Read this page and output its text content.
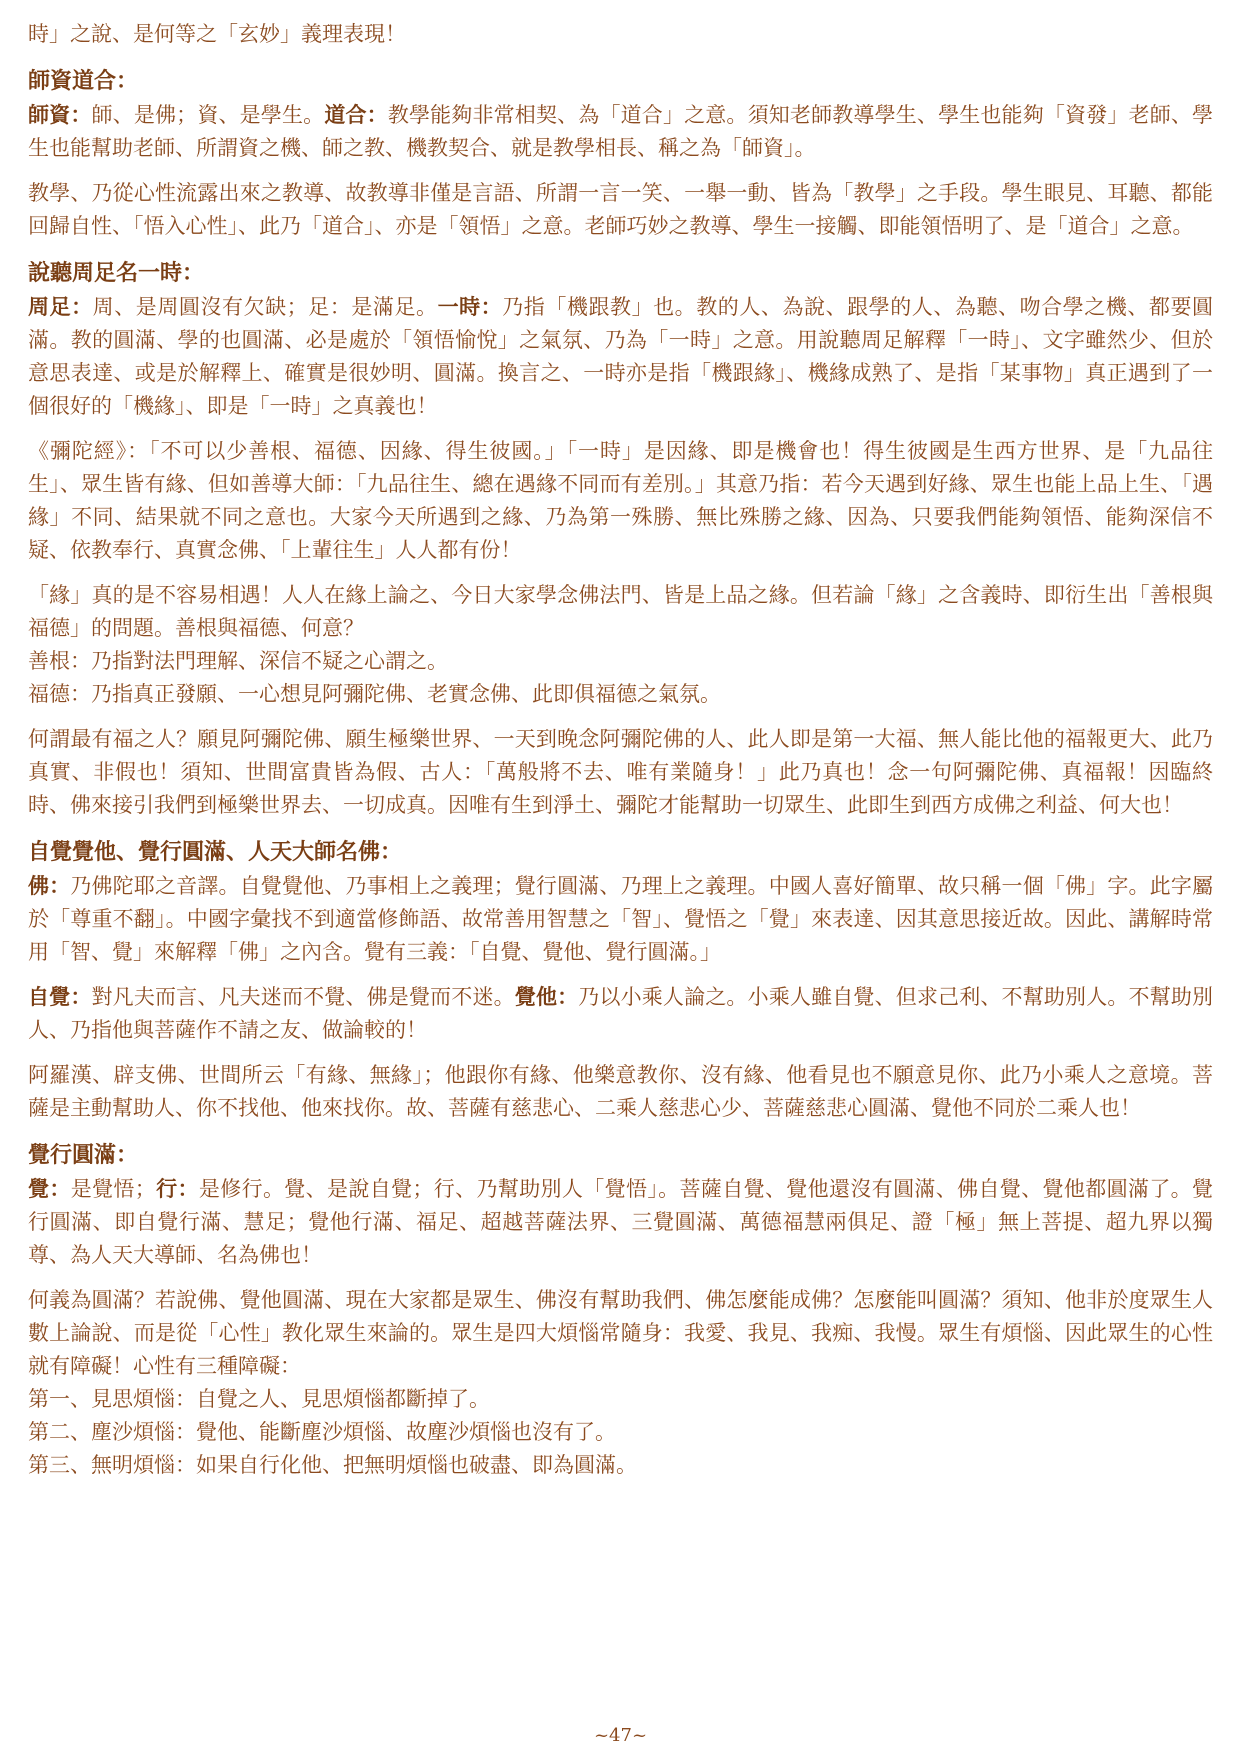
時」之說、是何等之「玄妙」義理表現！

師資道合：

師資：師、是佛；資、是學生。道合：教學能夠非常相契、為「道合」之意。須知老師教導學生、學生也能夠「資發」老師、學生也能幫助老師、所謂資之機、師之教、機教契合、就是教學相長、稱之為「師資」。

教學、乃從心性流露出來之教導、故教導非僅是言語、所謂一言一笑、一舉一動、皆為「教學」之手段。學生眼見、耳聽、都能回歸自性、「悟入心性」、此乃「道合」、亦是「領悟」之意。老師巧妙之教導、學生一接觸、即能領悟明了、是「道合」之意。

說聽周足名一時：

周足：周、是周圓沒有欠缺；足：是滿足。一時：乃指「機跟教」也。教的人、為說、跟學的人、為聽、吻合學之機、都要圓滿。教的圓滿、學的也圓滿、必是處於「領悟愉悅」之氣氛、乃為「一時」之意。用說聽周足解釋「一時」、文字雖然少、但於意思表達、或是於解釋上、確實是很妙明、圓滿。換言之、一時亦是指「機跟緣」、機緣成熟了、是指「某事物」真正遇到了一個很好的「機緣」、即是「一時」之真義也！

《彌陀經》：「不可以少善根、福德、因緣、得生彼國。」「一時」是因緣、即是機會也！得生彼國是生西方世界、是「九品往生」、眾生皆有緣、但如善導大師：「九品往生、總在遇緣不同而有差別。」其意乃指：若今天遇到好緣、眾生也能上品上生、「遇緣」不同、結果就不同之意也。大家今天所遇到之緣、乃為第一殊勝、無比殊勝之緣、因為、只要我們能夠領悟、能夠深信不疑、依教奉行、真實念佛、「上輩往生」人人都有份！

「緣」真的是不容易相遇！人人在緣上論之、今日大家學念佛法門、皆是上品之緣。但若論「緣」之含義時、即衍生出「善根與福德」的問題。善根與福德、何意？

善根：乃指對法門理解、深信不疑之心謂之。

福德：乃指真正發願、一心想見阿彌陀佛、老實念佛、此即俱福德之氣氛。

何謂最有福之人？願見阿彌陀佛、願生極樂世界、一天到晚念阿彌陀佛的人、此人即是第一大福、無人能比他的福報更大、此乃真實、非假也！須知、世間富貴皆為假、古人：「萬般將不去、唯有業隨身！」此乃真也！念一句阿彌陀佛、真福報！因臨終時、佛來接引我們到極樂世界去、一切成真。因唯有生到淨土、彌陀才能幫助一切眾生、此即生到西方成佛之利益、何大也！

自覺覺他、覺行圓滿、人天大師名佛：

佛：乃佛陀耶之音譯。自覺覺他、乃事相上之義理；覺行圓滿、乃理上之義理。中國人喜好簡單、故只稱一個「佛」字。此字屬於「尊重不翻」。中國字彙找不到適當修飾語、故常善用智慧之「智」、覺悟之「覺」來表達、因其意思接近故。因此、講解時常用「智、覺」來解釋「佛」之內含。覺有三義：「自覺、覺他、覺行圓滿。」

自覺：對凡夫而言、凡夫迷而不覺、佛是覺而不迷。覺他：乃以小乘人論之。小乘人雖自覺、但求己利、不幫助別人。不幫助別人、乃指他與菩薩作不請之友、做論較的！

阿羅漢、辟支佛、世間所云「有緣、無緣」；他跟你有緣、他樂意教你、沒有緣、他看見也不願意見你、此乃小乘人之意境。菩薩是主動幫助人、你不找他、他來找你。故、菩薩有慈悲心、二乘人慈悲心少、菩薩慈悲心圓滿、覺他不同於二乘人也！

覺行圓滿：

覺：是覺悟；行：是修行。覺、是說自覺；行、乃幫助別人「覺悟」。菩薩自覺、覺他還沒有圓滿、佛自覺、覺他都圓滿了。覺行圓滿、即自覺行滿、慧足；覺他行滿、福足、超越菩薩法界、三覺圓滿、萬德福慧兩俱足、證「極」無上菩提、超九界以獨尊、為人天大導師、名為佛也！

何義為圓滿？若說佛、覺他圓滿、現在大家都是眾生、佛沒有幫助我們、佛怎麼能成佛？怎麼能叫圓滿？須知、他非於度眾生人數上論說、而是從「心性」教化眾生來論的。眾生是四大煩惱常隨身：我愛、我見、我痴、我慢。眾生有煩惱、因此眾生的心性就有障礙！心性有三種障礙：

第一、見思煩惱：自覺之人、見思煩惱都斷掉了。

第二、塵沙煩惱：覺他、能斷塵沙煩惱、故塵沙煩惱也沒有了。

第三、無明煩惱：如果自行化他、把無明煩惱也破盡、即為圓滿。

~47~
